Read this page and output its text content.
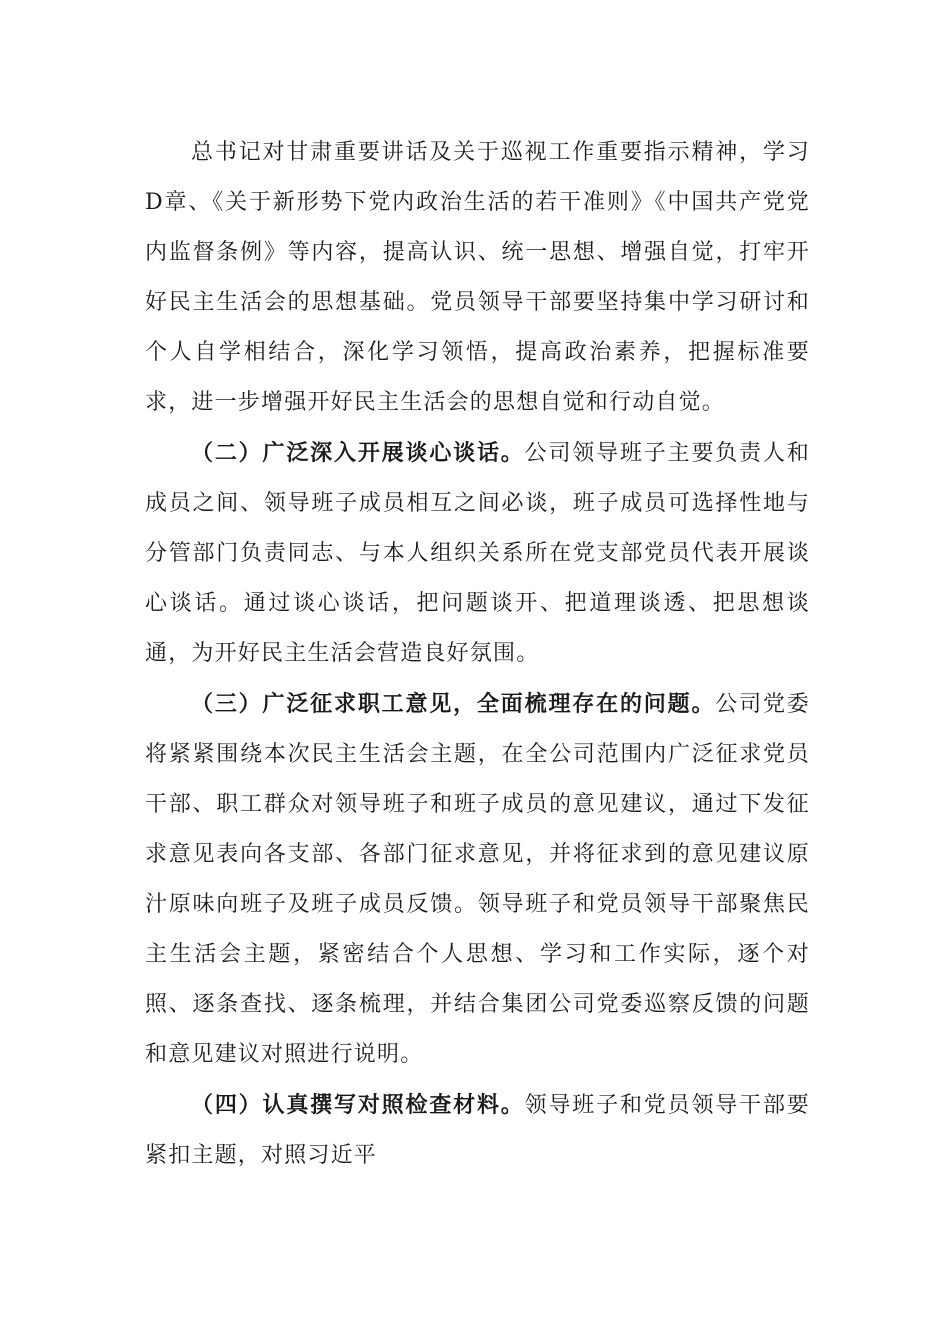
总书记对甘肃重要讲话及关于巡视工作重要指示精神，学习D章、《关于新形势下党内政治生活的若干准则》《中国共产党党内监督条例》等内容，提高认识、统一思想、增强自觉，打牢开好民主生活会的思想基础。党员领导干部要坚持集中学习研讨和个人自学相结合，深化学习领悟，提高政治素养，把握标准要求，进一步增强开好民主生活会的思想自觉和行动自觉。

（二）广泛深入开展谈心谈话。公司领导班子主要负责人和成员之间、领导班子成员相互之间必谈，班子成员可选择性地与分管部门负责同志、与本人组织关系所在党支部党员代表开展谈心谈话。通过谈心谈话，把问题谈开、把道理谈透、把思想谈通，为开好民主生活会营造良好氛围。

（三）广泛征求职工意见，全面梳理存在的问题。公司党委将紧紧围绕本次民主生活会主题，在全公司范围内广泛征求党员干部、职工群众对领导班子和班子成员的意见建议，通过下发征求意见表向各支部、各部门征求意见，并将征求到的意见建议原汁原味向班子及班子成员反馈。领导班子和党员领导干部聚焦民主生活会主题，紧密结合个人思想、学习和工作实际，逐个对照、逐条查找、逐条梳理，并结合集团公司党委巡察反馈的问题和意见建议对照进行说明。

（四）认真撰写对照检查材料。领导班子和党员领导干部要紧扣主题，对照习近平
